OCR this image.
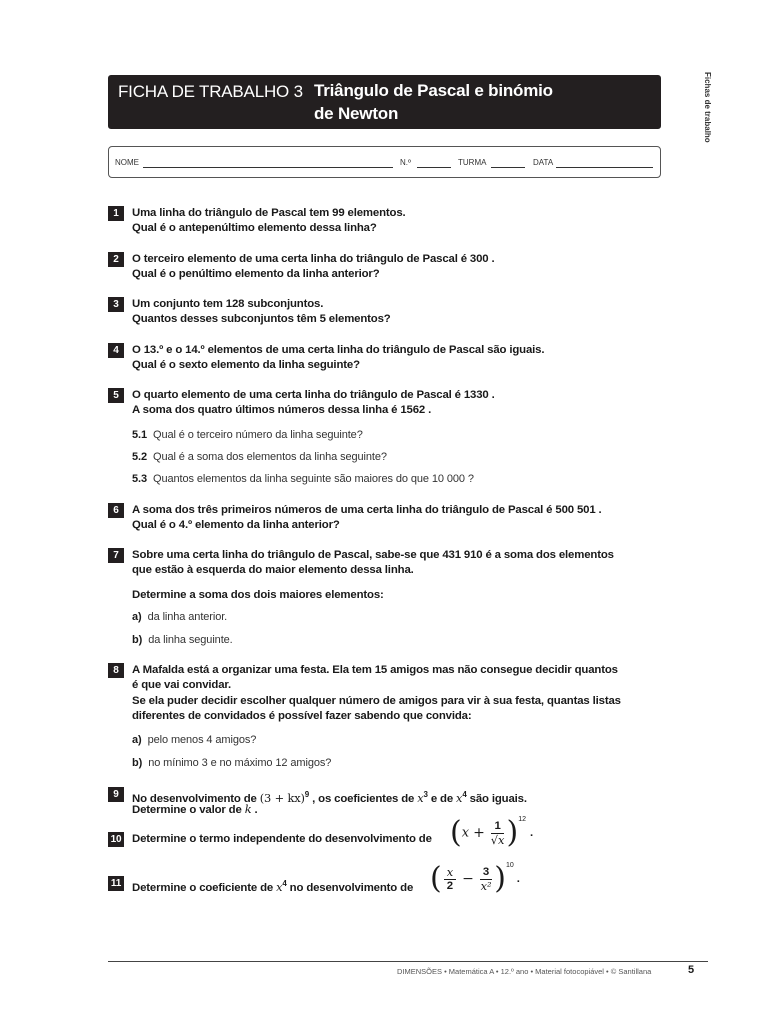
Fichas de trabalho
FICHA DE TRABALHO 3 Triângulo de Pascal e binómio
de Newton
NOME	N.º	TURMA	DATA
1	Uma linha do triângulo de Pascal tem 99 elementos.
Qual é o antepenúltimo elemento dessa linha?
2	O terceiro elemento de uma certa linha do triângulo de Pascal é 300 .
Qual é o penúltimo elemento da linha anterior?
3	Um conjunto tem 128 subconjuntos.
Quantos desses subconjuntos têm 5 elementos?
4	O 13.º e o 14.º elementos de uma certa linha do triângulo de Pascal são iguais.
Qual é o sexto elemento da linha seguinte?
5	O quarto elemento de uma certa linha do triângulo de Pascal é 1330 .
A soma dos quatro últimos números dessa linha é 1562 .
5.1 Qual é o terceiro número da linha seguinte?
5.2 Qual é a soma dos elementos da linha seguinte?
5.3 Quantos elementos da linha seguinte são maiores do que 10 000 ?
6	A soma dos três primeiros números de uma certa linha do triângulo de Pascal é 500 501 .
Qual é o 4.º elemento da linha anterior?
7	Sobre uma certa linha do triângulo de Pascal, sabe-se que 431 910 é a soma dos elementos
que estão à esquerda do maior elemento dessa linha.
Determine a soma dos dois maiores elementos:
a) da linha anterior.
b) da linha seguinte.
8	A Mafalda está a organizar uma festa. Ela tem 15 amigos mas não consegue decidir quantos
é que vai convidar.
Se ela puder decidir escolher qualquer número de amigos para vir à sua festa, quantas listas
diferentes de convidados é possível fazer sabendo que convida:
a) pelo menos 4 amigos?
b) no mínimo 3 e no máximo 12 amigos?
9	No desenvolvimento de (3 + kx)$^9$ , os coeficientes de $x^3$ e de $x^4$ são iguais.
Determine o valor de k .
10 Determine o termo independente do desenvolvimento de $(x + \frac{1}{√x} )^{12}$.
11 Determine o coeficiente de $x^4$ no desenvolvimento de ( $\frac{x}{2} - \frac{3}{\text{x²}} )^{10}$.
DIMENSÕES • Matemática A • 12.º ano • Material fotocopiável • © Santillana	5
